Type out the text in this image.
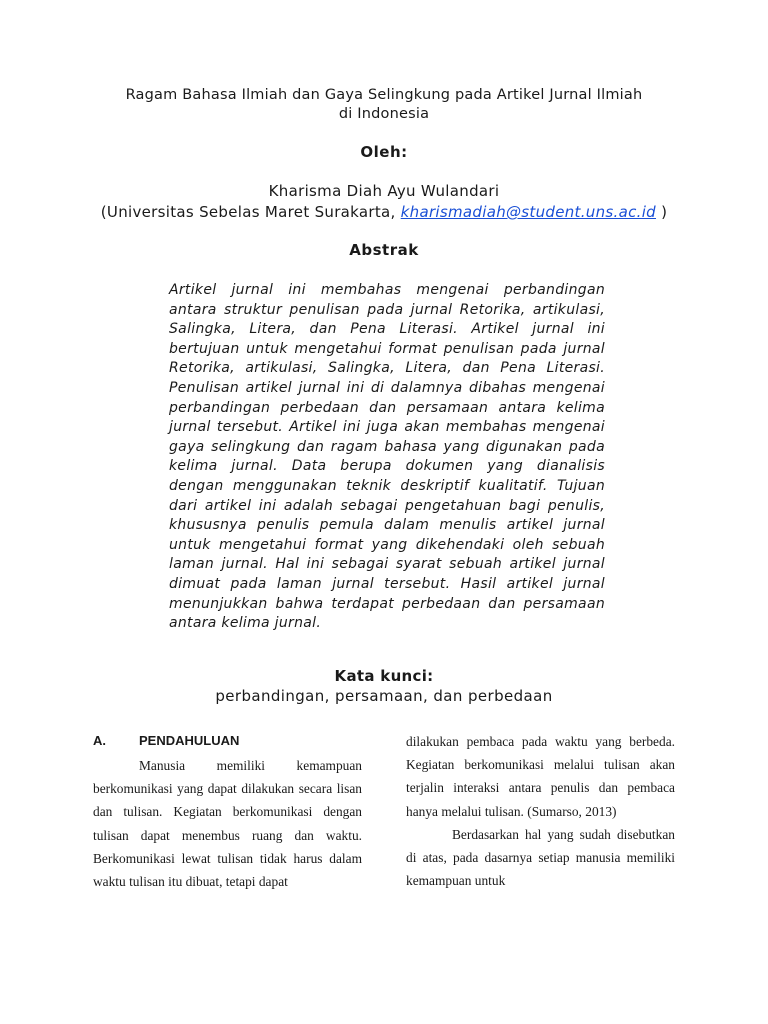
Ragam Bahasa Ilmiah dan Gaya Selingkung pada Artikel Jurnal Ilmiah
di Indonesia
Oleh:
Kharisma Diah Ayu Wulandari
(Universitas Sebelas Maret Surakarta, kharismadiah@student.uns.ac.id )
Abstrak
Artikel jurnal ini membahas mengenai perbandingan antara struktur penulisan pada jurnal Retorika, artikulasi, Salingka, Litera, dan Pena Literasi. Artikel jurnal ini bertujuan untuk mengetahui format penulisan pada jurnal Retorika, artikulasi, Salingka, Litera, dan Pena Literasi. Penulisan artikel jurnal ini di dalamnya dibahas mengenai perbandingan perbedaan dan persamaan antara kelima jurnal tersebut. Artikel ini juga akan membahas mengenai gaya selingkung dan ragam bahasa yang digunakan pada kelima jurnal. Data berupa dokumen yang dianalisis dengan menggunakan teknik deskriptif kualitatif. Tujuan dari artikel ini adalah sebagai pengetahuan bagi penulis, khususnya penulis pemula dalam menulis artikel jurnal untuk mengetahui format yang dikehendaki oleh sebuah laman jurnal. Hal ini sebagai syarat sebuah artikel jurnal dimuat pada laman jurnal tersebut. Hasil artikel jurnal menunjukkan bahwa terdapat perbedaan dan persamaan antara kelima jurnal.
Kata kunci:
perbandingan, persamaan, dan perbedaan
A.	PENDAHULUAN

Manusia memiliki kemampuan berkomunikasi yang dapat dilakukan secara lisan dan tulisan. Kegiatan berkomunikasi dengan tulisan dapat menembus ruang dan waktu. Berkomunikasi lewat tulisan tidak harus dalam waktu tulisan itu dibuat, tetapi dapat

dilakukan pembaca pada waktu yang berbeda. Kegiatan berkomunikasi melalui tulisan akan terjalin interaksi antara penulis dan pembaca hanya melalui tulisan. (Sumarso, 2013)

Berdasarkan hal yang sudah disebutkan di atas, pada dasarnya setiap manusia memiliki kemampuan untuk
